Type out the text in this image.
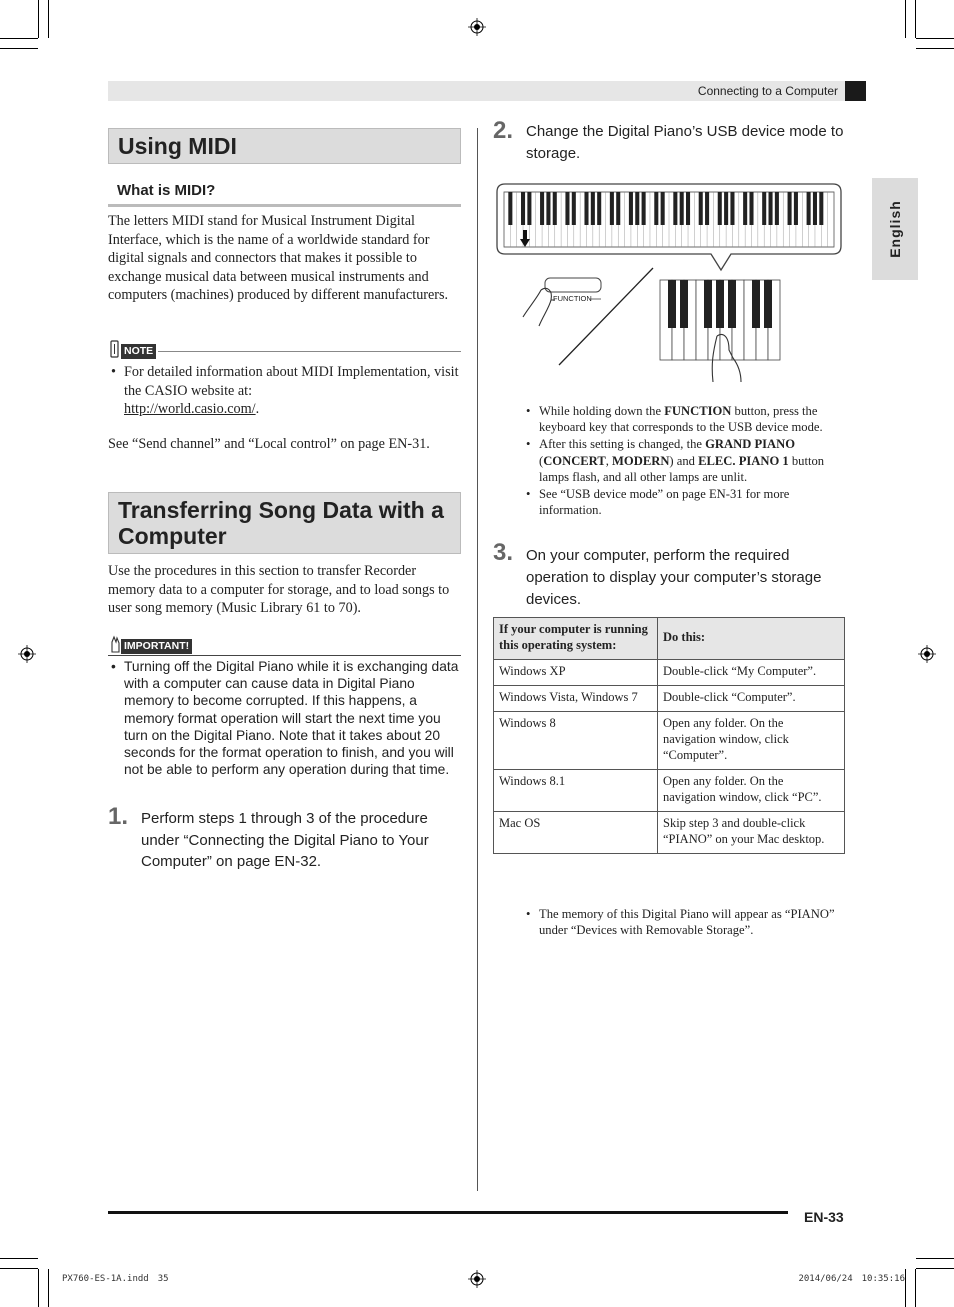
Connecting to a Computer
English
Using MIDI
What is MIDI?
The letters MIDI stand for Musical Instrument Digital Interface, which is the name of a worldwide standard for digital signals and connectors that makes it possible to exchange musical data between musical instruments and computers (machines) produced by different manufacturers.
NOTE
• For detailed information about MIDI Implementation, visit the CASIO website at:
http://world.casio.com/.
See “Send channel” and “Local control” on page EN-31.
Transferring Song Data with a Computer
Use the procedures in this section to transfer Recorder memory data to a computer for storage, and to load songs to user song memory (Music Library 61 to 70).
IMPORTANT!
• Turning off the Digital Piano while it is exchanging data with a computer can cause data in Digital Piano memory to become corrupted. If this happens, a memory format operation will start the next time you turn on the Digital Piano. Note that it takes about 20 seconds for the format operation to finish, and you will not be able to perform any operation during that time.
1. Perform steps 1 through 3 of the procedure under “Connecting the Digital Piano to Your Computer” on page EN-32.
2. Change the Digital Piano’s USB device mode to storage.
FUNCTION
• While holding down the FUNCTION button, press the keyboard key that corresponds to the USB device mode.
• After this setting is changed, the GRAND PIANO (CONCERT, MODERN) and ELEC. PIANO 1 button lamps flash, and all other lamps are unlit.
• See “USB device mode” on page EN-31 for more information.
3. On your computer, perform the required operation to display your computer’s storage devices.
If your computer is running this operating system:	Do this:
Windows XP	Double-click “My Computer”.
Windows Vista, Windows 7	Double-click “Computer”.
Windows 8	Open any folder. On the navigation window, click “Computer”.
Windows 8.1	Open any folder. On the navigation window, click “PC”.
Mac OS	Skip step 3 and double-click “PIANO” on your Mac desktop.
• The memory of this Digital Piano will appear as “PIANO” under “Devices with Removable Storage”.
EN-33
PX760-ES-1A.indd　35	2014/06/24　10:35:16
